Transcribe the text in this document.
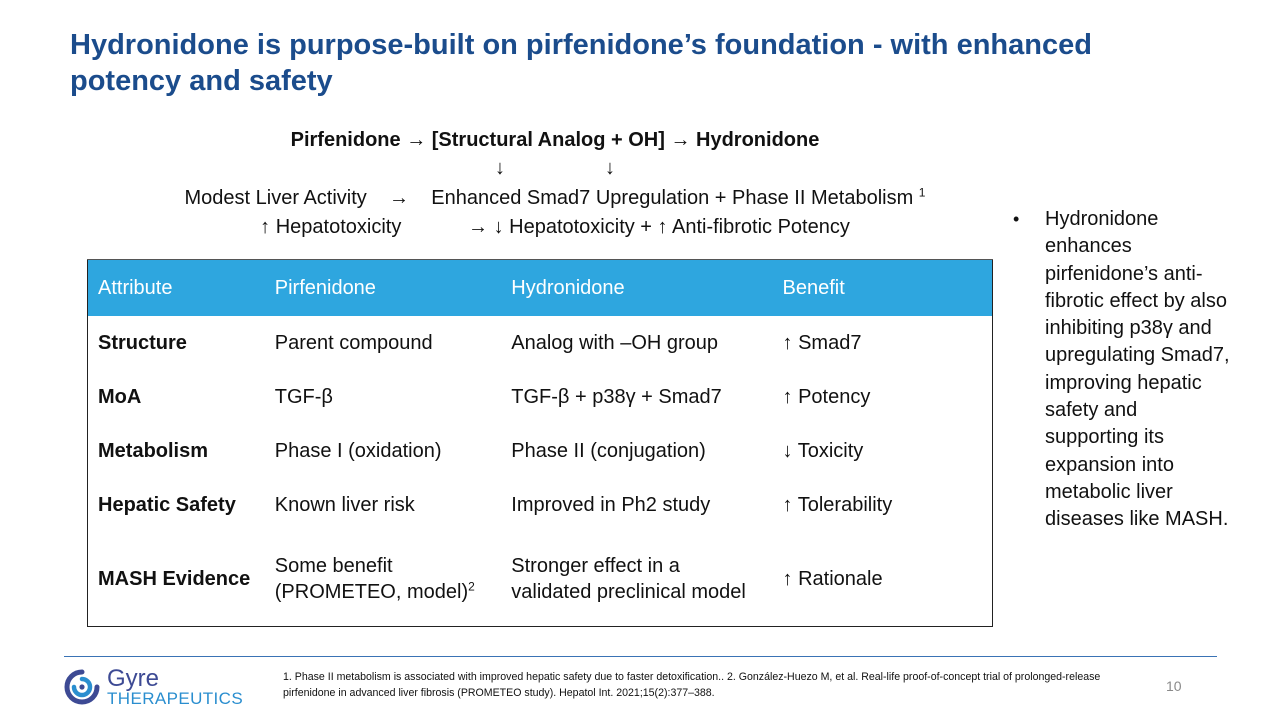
Hydronidone is purpose-built on pirfenidone’s foundation - with enhanced potency and safety
Pirfenidone → [Structural Analog + OH] → Hydronidone
↓                  ↓
Modest Liver Activity → Enhanced Smad7 Upregulation + Phase II Metabolism $^1$
↑ Hepatotoxicity	→ ↓ Hepatotoxicity + ↑ Anti-fibrotic Potency
Attribute	Pirfenidone	Hydronidone	Benefit
Structure	Parent compound	Analog with –OH group	↑ Smad7
MoA	TGF-β	TGF-β + p38γ + Smad7	↑ Potency
Metabolism	Phase I (oxidation)	Phase II (conjugation)	↓ Toxicity
Hepatic Safety	Known liver risk	Improved in Ph2 study	↑ Tolerability
MASH Evidence	Some benefit (PROMETEO, model)$^2$	Stronger effect in a validated preclinical model	↑ Rationale
• Hydronidone enhances pirfenidone’s anti-fibrotic effect by also inhibiting p38γ and upregulating Smad7, improving hepatic safety and supporting its expansion into metabolic liver diseases like MASH.
Gyre
THERAPEUTICS
1. Phase II metabolism is associated with improved hepatic safety due to faster detoxification.. 2. González-Huezo M, et al. Real-life proof-of-concept trial of prolonged-release pirfenidone in advanced liver fibrosis (PROMETEO study). Hepatol Int. 2021;15(2):377–388.	10
